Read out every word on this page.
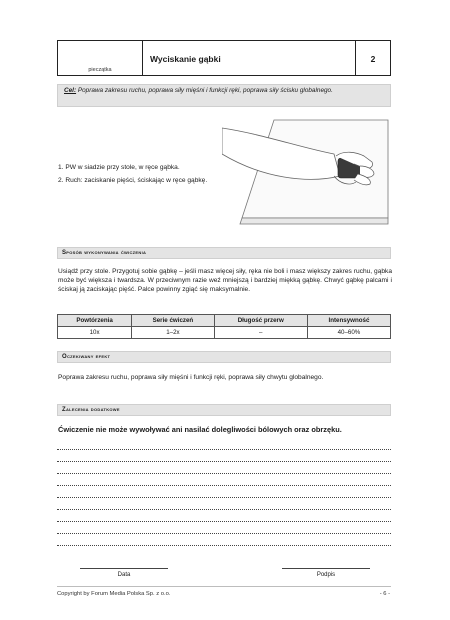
pieczątka
Wyciskanie gąbki	2
Cel: Poprawa zakresu ruchu, poprawa siły mięśni i funkcji ręki, poprawa siły ścisku globalnego.
1. PW w siadzie przy stole, w ręce gąbka.
2. Ruch: zaciskanie pięści, ściskając w ręce gąbkę.
Sposób wykonywania ćwiczenia
Usiądź przy stole. Przygotuj sobie gąbkę – jeśli masz więcej siły, ręka nie boli i masz większy zakres ruchu, gąbka może być większa i twardsza. W przeciwnym razie weź mniejszą i bardziej miękką gąbkę. Chwyć gąbkę palcami i ściskaj ją zaciskając pięść. Palce powinny zgiąć się maksymalnie.
Powtórzenia	Serie ćwiczeń	Długość przerw	Intensywność
10x	1–2x	–	40–60%
Oczekiwany efekt
Poprawa zakresu ruchu, poprawa siły mięśni i funkcji ręki, poprawa siły chwytu globalnego.
Zalecenia dodatkowe
Ćwiczenie nie może wywoływać ani nasilać dolegliwości bólowych oraz obrzęku.
Data	Podpis
Copyright by Forum Media Polska Sp. z o.o.	- 6 -
